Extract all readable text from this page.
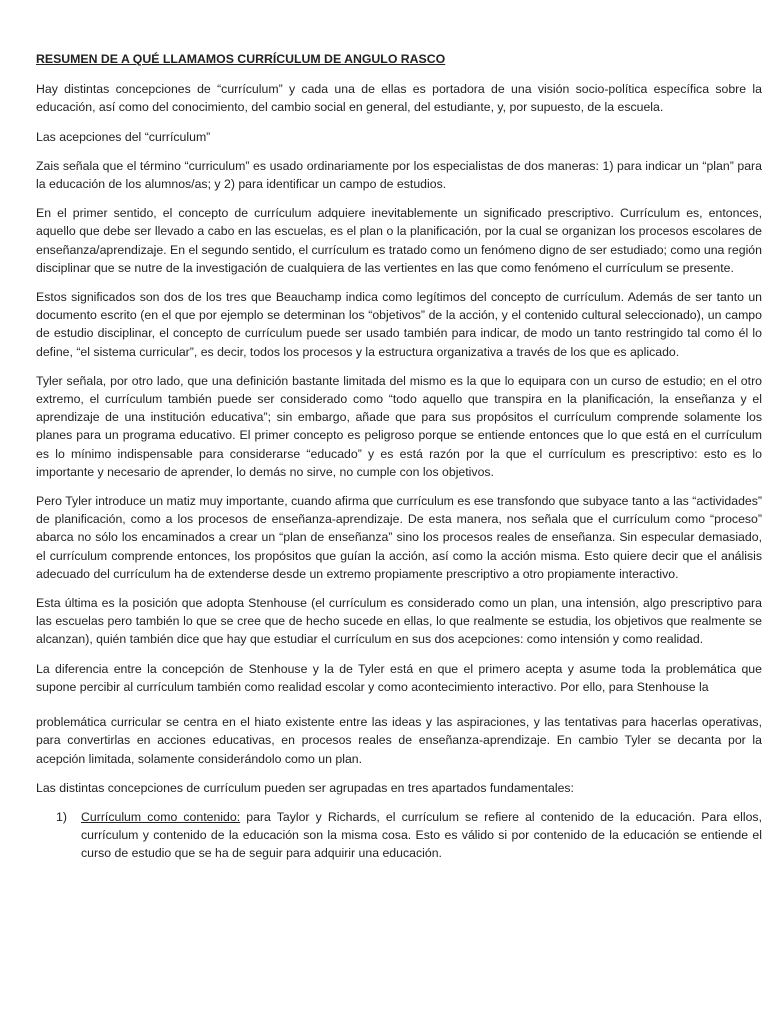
RESUMEN DE A QUÉ LLAMAMOS CURRÍCULUM DE ANGULO RASCO

Hay distintas concepciones de “currículum” y cada una de ellas es portadora de una visión socio-política específica sobre la educación, así como del conocimiento, del cambio social en general, del estudiante, y, por supuesto, de la escuela.

Las acepciones del “currículum”

Zais señala que el término “curriculum” es usado ordinariamente por los especialistas de dos maneras: 1) para indicar un “plan” para la educación de los alumnos/as; y 2) para identificar un campo de estudios.

En el primer sentido, el concepto de currículum adquiere inevitablemente un significado prescriptivo. Currículum es, entonces, aquello que debe ser llevado a cabo en las escuelas, es el plan o la planificación, por la cual se organizan los procesos escolares de enseñanza/aprendizaje. En el segundo sentido, el currículum es tratado como un fenómeno digno de ser estudiado; como una región disciplinar que se nutre de la investigación de cualquiera de las vertientes en las que como fenómeno el currículum se presente.

Estos significados son dos de los tres que Beauchamp indica como legítimos del concepto de currículum. Además de ser tanto un documento escrito (en el que por ejemplo se determinan los “objetivos” de la acción, y el contenido cultural seleccionado), un campo de estudio disciplinar, el concepto de currículum puede ser usado también para indicar, de modo un tanto restringido tal como él lo define, “el sistema curricular”, es decir, todos los procesos y la estructura organizativa a través de los que es aplicado.

Tyler señala, por otro lado, que una definición bastante limitada del mismo es la que lo equipara con un curso de estudio; en el otro extremo, el currículum también puede ser considerado como “todo aquello que transpira en la planificación, la enseñanza y el aprendizaje de una institución educativa”; sin embargo, añade que para sus propósitos el currículum comprende solamente los planes para un programa educativo. El primer concepto es peligroso porque se entiende entonces que lo que está en el currículum es lo mínimo indispensable para considerarse “educado” y es está razón por la que el currículum es prescriptivo: esto es lo importante y necesario de aprender, lo demás no sirve, no cumple con los objetivos.

Pero Tyler introduce un matiz muy importante, cuando afirma que currículum es ese transfondo que subyace tanto a las “actividades” de planificación, como a los procesos de enseñanza-aprendizaje. De esta manera, nos señala que el currículum como “proceso” abarca no sólo los encaminados a crear un “plan de enseñanza” sino los procesos reales de enseñanza. Sin especular demasiado, el currículum comprende entonces, los propósitos que guían la acción, así como la acción misma. Esto quiere decir que el análisis adecuado del currículum ha de extenderse desde un extremo propiamente prescriptivo a otro propiamente interactivo.

Esta última es la posición que adopta Stenhouse (el currículum es considerado como un plan, una intensión, algo prescriptivo para las escuelas pero también lo que se cree que de hecho sucede en ellas, lo que realmente se estudia, los objetivos que realmente se alcanzan), quién también dice que hay que estudiar el currículum en sus dos acepciones: como intensión y como realidad.

La diferencia entre la concepción de Stenhouse y la de Tyler está en que el primero acepta y asume toda la problemática que supone percibir al currículum también como realidad escolar y como acontecimiento interactivo. Por ello, para Stenhouse la

problemática curricular se centra en el hiato existente entre las ideas y las aspiraciones, y las tentativas para hacerlas operativas, para convertirlas en acciones educativas, en procesos reales de enseñanza-aprendizaje. En cambio Tyler se decanta por la acepción limitada, solamente considerándolo como un plan.

Las distintas concepciones de currículum pueden ser agrupadas en tres apartados fundamentales:

1) Currículum como contenido: para Taylor y Richards, el currículum se refiere al contenido de la educación. Para ellos, currículum y contenido de la educación son la misma cosa. Esto es válido si por contenido de la educación se entiende el curso de estudio que se ha de seguir para adquirir una educación.
